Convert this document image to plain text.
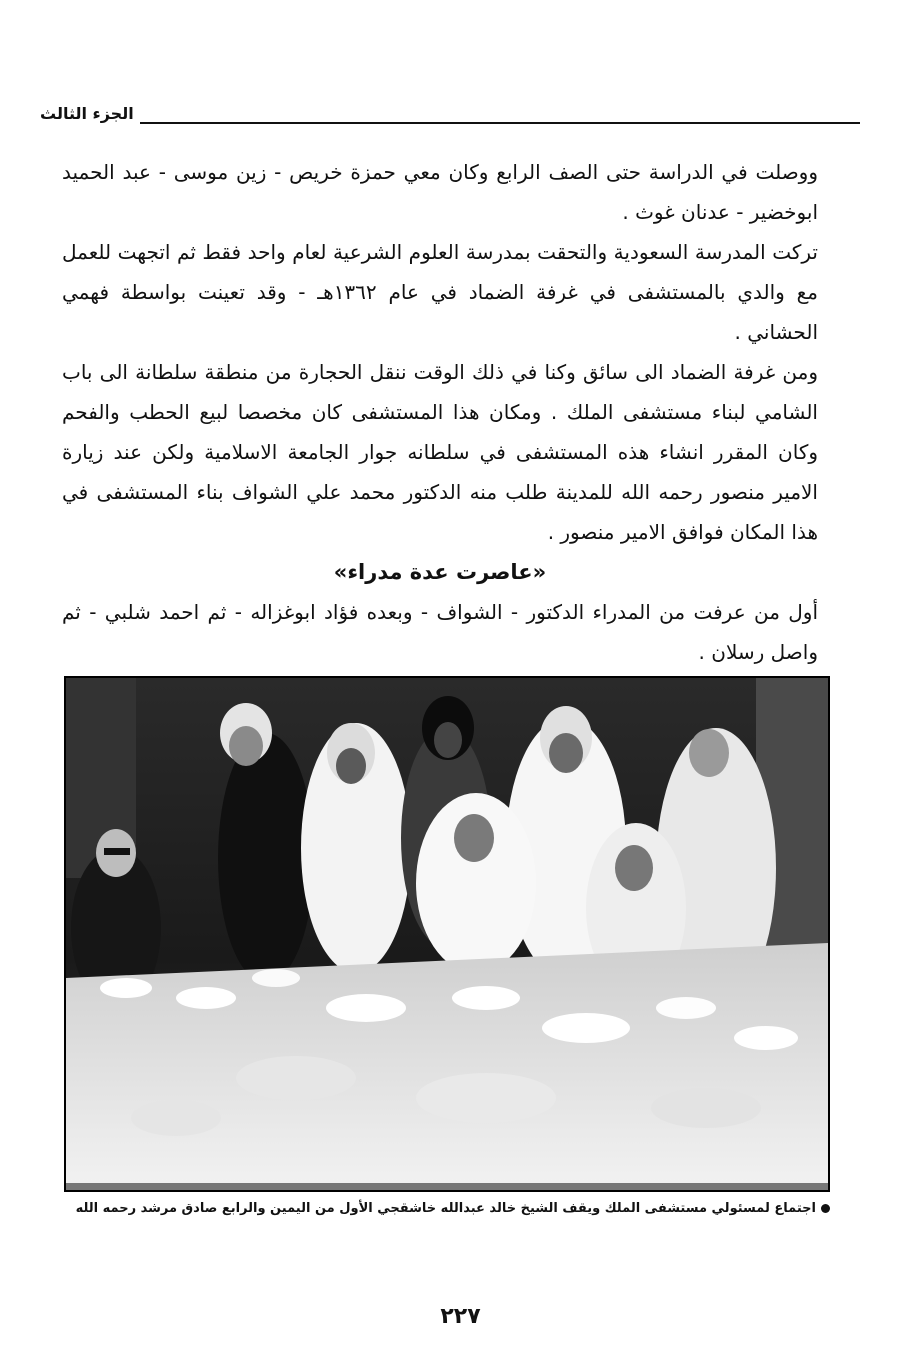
الجزء الثالث

ووصلت في الدراسة حتى الصف الرابع وكان معي حمزة خريص - زين موسى - عبد الحميد ابوخضير - عدنان غوث .

تركت المدرسة السعودية والتحقت بمدرسة العلوم الشرعية لعام واحد فقط ثم اتجهت للعمل مع والدي بالمستشفى في غرفة الضماد في عام ١٣٦٢هـ - وقد تعينت بواسطة فهمي الحشاني .

ومن غرفة الضماد الى سائق وكنا في ذلك الوقت ننقل الحجارة من منطقة سلطانة الى باب الشامي لبناء مستشفى الملك . ومكان هذا المستشفى كان مخصصا لبيع الحطب والفحم وكان المقرر انشاء هذه المستشفى في سلطانه جوار الجامعة الاسلامية ولكن عند زيارة الامير منصور رحمه الله للمدينة طلب منه الدكتور محمد علي الشواف بناء المستشفى في هذا المكان فوافق الامير منصور .

«عاصرت عدة مدراء»

أول من عرفت من المدراء الدكتور - الشواف - وبعده فؤاد ابوغزاله - ثم احمد شلبي - ثم واصل رسلان .

اجتماع لمسئولي مستشفى الملك ويقف الشيخ خالد عبدالله خاشقجي الأول من اليمين والرابع صادق مرشد رحمه الله
٢٢٧
